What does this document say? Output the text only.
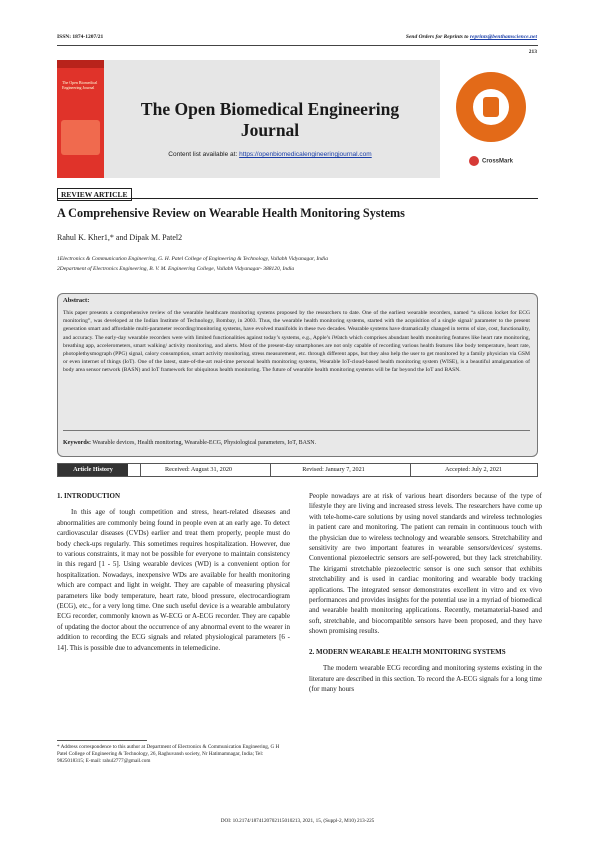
ISSN: 1874-1207/21	Send Orders for Reprints to reprints@benthamscience.net
213
The Open Biomedical Engineering Journal
The Open Biomedical Engineering Journal
Content list available at: https://openbiomedicalengineeringjournal.com
CrossMark
REVIEW ARTICLE
A Comprehensive Review on Wearable Health Monitoring Systems
Rahul K. Kher1,* and Dipak M. Patel2
1Electronics & Communication Engineering, G. H. Patel College of Engineering & Technology, Vallabh Vidyanagar, India
2Department of Electronics Engineering, B. V. M. Engineering College, Vallabh Vidyanagar- 388120, India
Abstract:
This paper presents a comprehensive review of the wearable healthcare monitoring systems proposed by the researchers to date. One of the earliest wearable recorders, named “a silicon locket for ECG monitoring”, was developed at the Indian Institute of Technology, Bombay, in 2003. Thus, the wearable health monitoring systems, started with the acquisition of a single signal/ parameter to the present generation smart and affordable multi-parameter recording/monitoring systems, have evolved manifolds in these two decades. Wearable systems have dramatically changed in terms of size, cost, functionality, and accuracy. The early-day wearable recorders were with limited functionalities against today’s systems, e.g., Apple’s iWatch which comprises abundant health monitoring features like heart rate monitoring, breathing app, accelerometers, smart walking/ activity monitoring, and alerts. Most of the present-day smartphones are not only capable of recording various health features like body temperature, heart rate, photoplethysmograph (PPG) signal, calory consumption, smart activity monitoring, stress measurement, etc. through different apps, but they also help the user to get monitored by a family physician via GSM or even internet of things (IoT). One of the latest, state-of-the-art real-time personal health monitoring systems, Wearable IoT-cloud-based health monitoring system (WISE), is a beautiful amalgamation of body area sensor network (BASN) and IoT framework for ubiquitous health monitoring. The future of wearable health monitoring systems will be far beyond the IoT and BASN.
Keywords: Wearable devices, Health monitoring, Wearable-ECG, Physiological parameters, IoT, BASN.
Article History	Received: August 31, 2020	Revised: January 7, 2021	Accepted: July 2, 2021
1. INTRODUCTION

In this age of tough competition and stress, heart-related diseases and abnormalities are commonly being found in people even at an early age. To detect cardiovascular diseases (CVDs) earlier and treat them properly, people must do body check-ups regularly. This sometimes requires hospitalization. However, due to various constraints, it may not be possible for everyone to maintain consistency in this regard [1 - 5]. Using wearable devices (WD) is a convenient option for hospitalization. Nowadays, inexpensive WDs are available for health monitoring which are compact and light in weight. They are capable of measuring physical parameters like body temperature, heart rate, blood pressure, electrocardiogram (ECG), etc., for a very long time. One such useful device is a wearable ambulatory ECG recorder, commonly known as W-ECG or A-ECG recorder. They are capable of updating the doctor about the occurrence of any abnormal event to the wearer in addition to recording the ECG signals and related physiological parameters [6 - 14]. This is possible due to advancements in telemedicine.

People nowadays are at risk of various heart disorders because of the type of lifestyle they are living and increased stress levels. The researchers have come up with tele-home-care solutions by using novel standards and wireless technologies in patient care and monitoring. The patient can remain in continuous touch with the physician due to wireless technology and wearable sensors. Stretchability and sensitivity are two important features in wearable sensors/devices/ systems. Conventional piezoelectric sensors are self-powered, but they lack stretchability. The kirigami stretchable piezoelectric sensor is one such sensor that exhibits stretchability and is used in cardiac monitoring and wearable body tracking applications. The integrated sensor demonstrates excellent in vitro and ex vivo performances and provides insights for the potential use in a myriad of biomedical and wearable health monitoring applications. Recently, metamaterial-based and soft, stretchable, and biocompatible sensors have been proposed, and they have shown promising results.

2. MODERN WEARABLE HEALTH MONITORING SYSTEMS

The modern wearable ECG recording and monitoring systems existing in the literature are described in this section. To record the A-ECG signals for a long time (for many hours

* Address correspondence to this author at Department of Electronics & Communication Engineering, G H Patel College of Engineering & Technology, 26, Raghuvansh society, Nr Hatimamnagar, India; Tel: 9825018315; E-mail: rahul2777@gmail.com
DOI: 10.2174/1874120702115010213, 2021, 15, (Suppl-2, M10) 213-225
